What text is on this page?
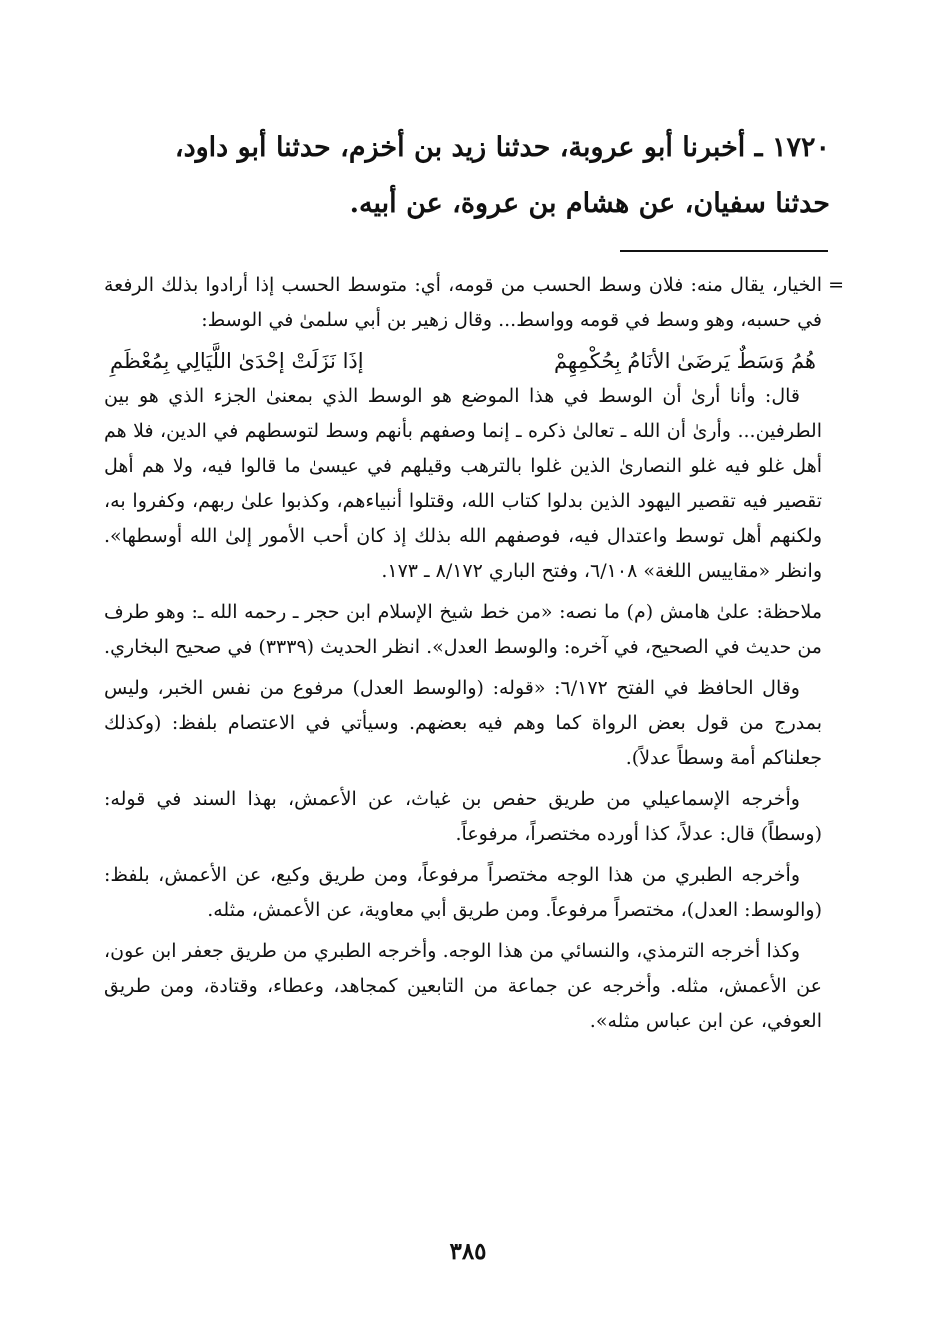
١٧٢٠ ـ أخبرنا أبو عروبة، حدثنا زيد بن أخزم، حدثنا أبو داود،

حدثنا سفيان، عن هشام بن عروة، عن أبيه.

=
الخيار، يقال منه: فلان وسط الحسب من قومه، أي: متوسط الحسب إذا أرادوا بذلك الرفعة في حسبه، وهو وسط في قومه وواسط... وقال زهير بن أبي سلمىٰ في الوسط:

هُمُ وَسَطٌ يَرضَىٰ الأنَامُ بِحُكْمِهِمْ
إذَا نَزَلَتْ إحْدَىٰ اللَّيَالِي بِمُعْظَمِ

قال: وأنا أرىٰ أن الوسط في هذا الموضع هو الوسط الذي بمعنىٰ الجزء الذي هو بين الطرفين... وأرىٰ أن الله ـ تعالىٰ ذكره ـ إنما وصفهم بأنهم وسط لتوسطهم في الدين، فلا هم أهل غلو فيه غلو النصارىٰ الذين غلوا بالترهب وقيلهم في عيسىٰ ما قالوا فيه، ولا هم أهل تقصير فيه تقصير اليهود الذين بدلوا كتاب الله، وقتلوا أنبياءهم، وكذبوا علىٰ ربهم، وكفروا به، ولكنهم أهل توسط واعتدال فيه، فوصفهم الله بذلك إذ كان أحب الأمور إلىٰ الله أوسطها». وانظر «مقاييس اللغة» ٦/١٠٨، وفتح الباري ٨/١٧٢ ـ ١٧٣.

ملاحظة: علىٰ هامش (م) ما نصه: «من خط شيخ الإسلام ابن حجر ـ رحمه الله ـ: وهو طرف من حديث في الصحيح، في آخره: والوسط العدل». انظر الحديث (٣٣٣٩) في صحيح البخاري.

وقال الحافظ في الفتح ٦/١٧٢: «قوله: (والوسط العدل) مرفوع من نفس الخبر، وليس بمدرج من قول بعض الرواة كما وهم فيه بعضهم. وسيأتي في الاعتصام بلفظ: (وكذلك جعلناكم أمة وسطاً عدلاً).

وأخرجه الإسماعيلي من طريق حفص بن غياث، عن الأعمش، بهذا السند في قوله: (وسطاً) قال: عدلاً، كذا أورده مختصراً، مرفوعاً.

وأخرجه الطبري من هذا الوجه مختصراً مرفوعاً، ومن طريق وكيع، عن الأعمش، بلفظ: (والوسط: العدل)، مختصراً مرفوعاً. ومن طريق أبي معاوية، عن الأعمش، مثله.

وكذا أخرجه الترمذي، والنسائي من هذا الوجه. وأخرجه الطبري من طريق جعفر ابن عون، عن الأعمش، مثله. وأخرجه عن جماعة من التابعين كمجاهد، وعطاء، وقتادة، ومن طريق العوفي، عن ابن عباس مثله».

٣٨٥
